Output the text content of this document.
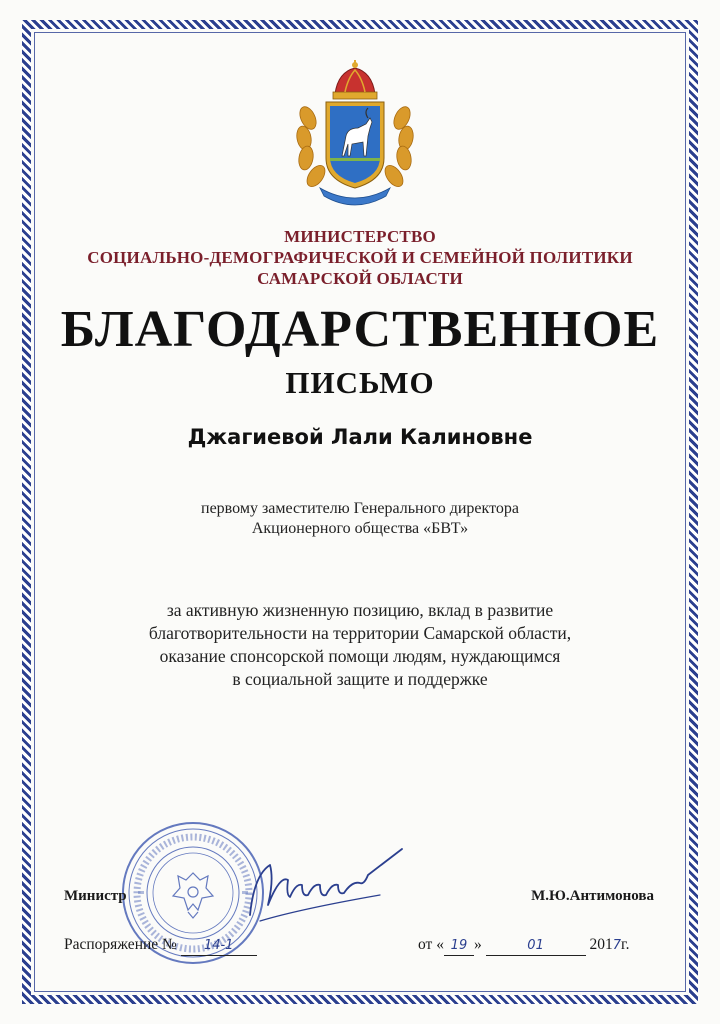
МИНИСТЕРСТВО
СОЦИАЛЬНО-ДЕМОГРАФИЧЕСКОЙ И СЕМЕЙНОЙ ПОЛИТИКИ
САМАРСКОЙ ОБЛАСТИ
БЛАГОДАРСТВЕННОЕ
ПИСЬМО
Джагиевой Лали Калиновне
первому заместителю Генерального директора
Акционерного общества «БВТ»
за активную жизненную позицию, вклад в развитие
благотворительности на территории Самарской области,
оказание спонсорской помощи людям, нуждающимся
в социальной защите и поддержке
Министр	М.Ю.Антимонова
Распоряжение № 14-1	от « 19 »	01	2017г.
